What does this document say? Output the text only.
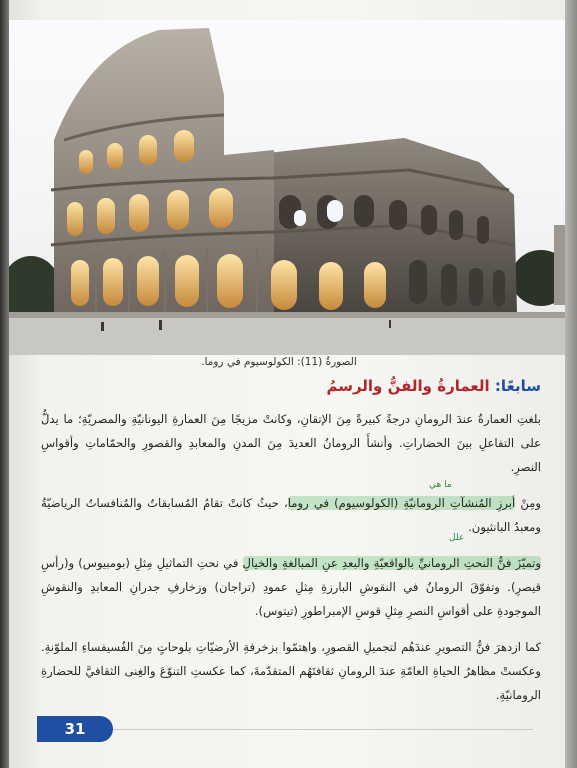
الصورةُ (11): الكولوسيوم في روما.
سابعًا: العمارةُ والفنُّ والرسمُ

بلغتِ العمارةُ عندَ الرومانِ درجةً كبيرةً مِنَ الإتقانِ، وكانتْ مزيجًا مِنَ العمارةِ اليونانيّةِ والمصريّةِ؛ ما يدلُّ على التفاعلِ بينَ الحضاراتِ. وأنشأَ الرومانُ العديدَ مِنَ المدنِ والمعابدِ والقصورِ والحمّاماتِ وأقواسِ النصرِ.

ومِنْ أبرزِ المُنشآتِ الرومانيّةِ (الكولوسيوم) في روما، حيثُ كانتْ تقامُ المُسابقاتُ والمُنافساتُ الرياضيّةُ ومعبدُ البانثيون.

وتميّزَ فنُّ النحتِ الرومانيِّ بالواقعيّةِ والبعدِ عنِ المبالغةِ والخيالِ في نحتِ التماثيلِ مِثلِ (بومبيوس) و(رأسِ قيصرِ). وتفوّقَ الرومانُ في النقوشِ البارزةِ مِثلِ عمودِ (تراجان) وزخارفِ جدرانِ المعابدِ والنقوشِ الموجودةِ على أقواسِ النصرِ مِثلِ قوسِ الإمبراطورِ (تيتوس).

كما ازدهرَ فنُّ التصويرِ عندَهُم لتجميلِ القصورِ، واهتمّوا بزخرفةِ الأرضيّاتِ بلوحاتٍ مِنَ الفُسيفساءِ الملوّنةِ. وعكستْ مظاهرُ الحياةِ العامّةِ عندَ الرومانِ ثقافتَهُم المتقدّمةَ، كما عكستِ التنوّعَ والغِنى الثقافيَّ للحضارةِ الرومانيّةِ.

ما هي
علل
31
